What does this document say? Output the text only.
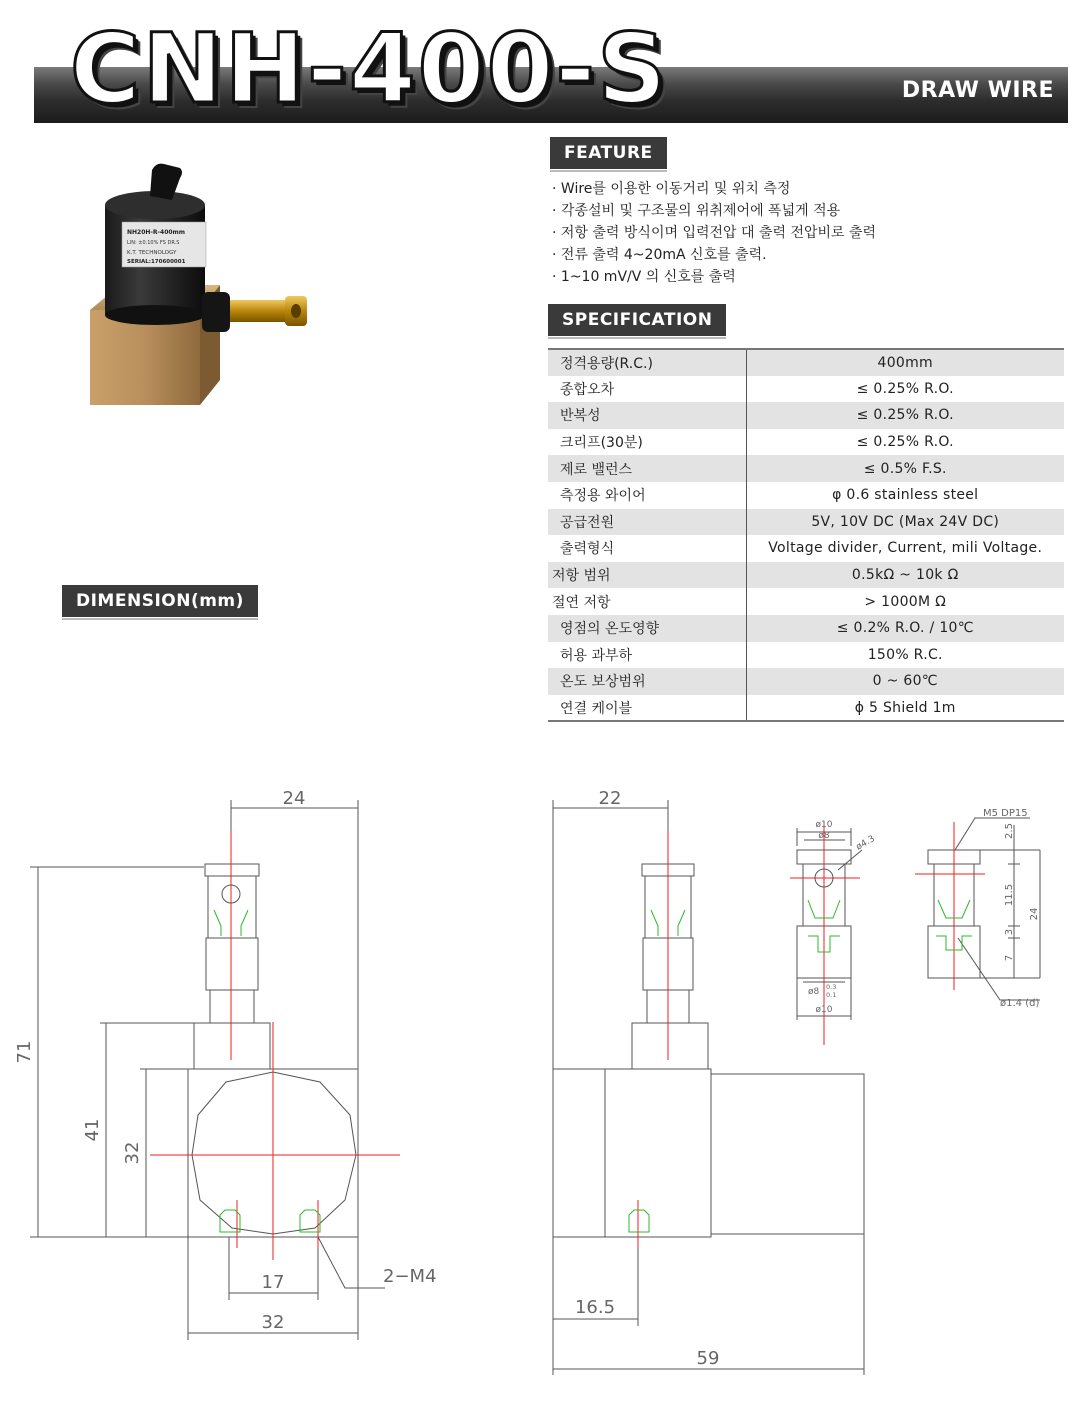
CNH-400-S	DRAW WIRE
NH20H-R-400mm
LIN: ±0.10% FS DR.S
K.T. TECHNOLOGY
SERIAL:170600001
FEATURE
· Wire를 이용한 이동거리 및 위치 측정
· 각종설비 및 구조물의 위취제어에 폭넓게 적용
· 저항 출력 방식이며 입력전압 대 출력 전압비로 출력
· 전류 출력 4~20mA 신호를 출력.
· 1~10 mV/V 의 신호를 출력
SPECIFICATION
정격용량(R.C.)	400mm
종합오차	≤ 0.25% R.O.
반복성	≤ 0.25% R.O.
크리프(30분)	≤ 0.25% R.O.
제로 밸런스	≤ 0.5% F.S.
측정용 와이어	φ 0.6 stainless steel
공급전원	5V, 10V DC (Max 24V DC)
출력형식	Voltage divider, Current, mili Voltage.
저항 범위	0.5kΩ ~ 10k Ω
절연 저항	> 1000M Ω
영점의 온도영향	≤ 0.2% R.O. / 10℃
허용 과부하	150% R.C.
온도 보상범위	0 ~ 60℃
연결 케이블	ϕ 5 Shield 1m
DIMENSION(mm)
24
71
41
32
17
32
2−M4
22
16.5
59
ø10
ø8	ø4.3
ø8 0.3
0.1
ø10
M5 DP15
2.5
11.5
3
7
24
ø1.4 (d)
